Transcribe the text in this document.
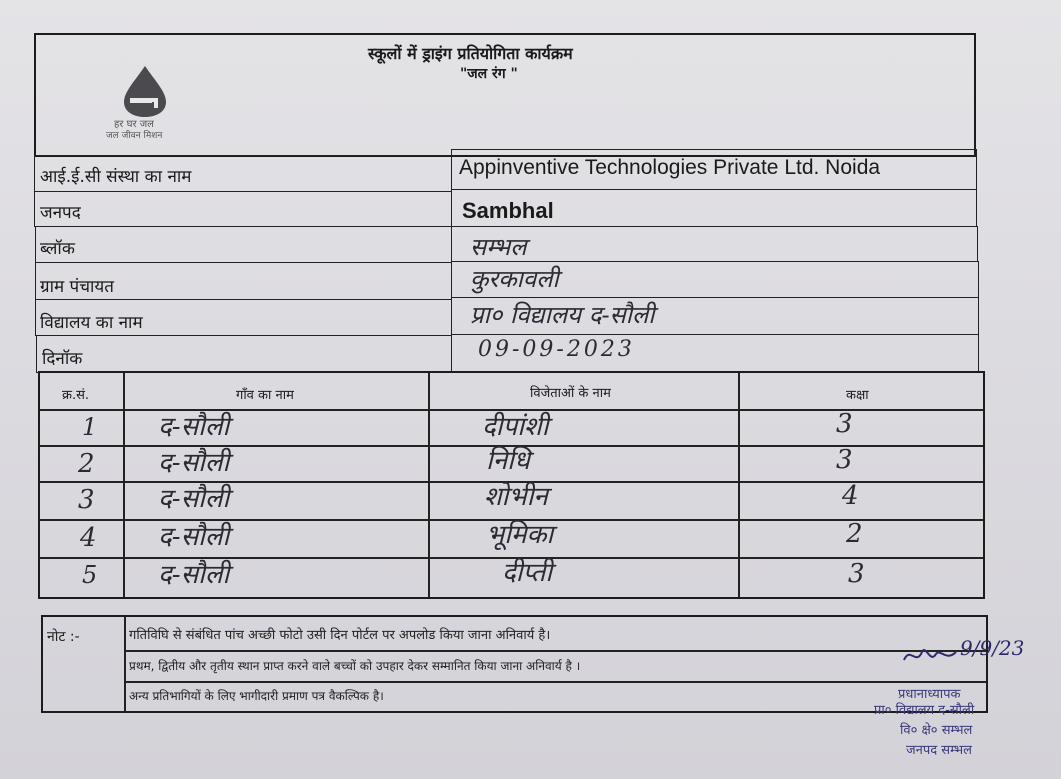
स्कूलों में ड्राइंग प्रतियोगिता कार्यक्रम
"जल रंग "
हर घर जल
जल जीवन मिशन
आई.ई.सी संस्था का नाम	Appinventive Technologies Private Ltd. Noida
जनपद	Sambhal
ब्लॉक	सम्भल
ग्राम पंचायत	कुरकावली
विद्यालय का नाम	प्रा० विद्यालय द-सौली
दिनॉक	09-09-2023
क्र.सं.	गॉंव का नाम	विजेताओं के नाम	कक्षा
1 द-सौली	दीपांशी	3
2 द-सौली	निधि	3
3 द-सौली	शोभीन	4
4 द-सौली	भूमिका	2
5 द-सौली	दीप्ती	3
नोट :-	गतिविघि से संबंधित पांच अच्छी फोटो उसी दिन पोर्टल पर अपलोड किया जाना अनिवार्य है।
प्रथम, द्वितीय और तृतीय स्थान प्राप्त करने वाले बच्चों को उपहार देकर सम्मानित किया जाना अनिवार्य है ।
अन्य प्रतिभागियों के लिए भागीदारी प्रमाण पत्र वैकल्पिक है।
9/9/23
प्रधानाध्यापक
प्रा० विद्यालय द-सौली
वि० क्षे० सम्भल
जनपद सम्भल
